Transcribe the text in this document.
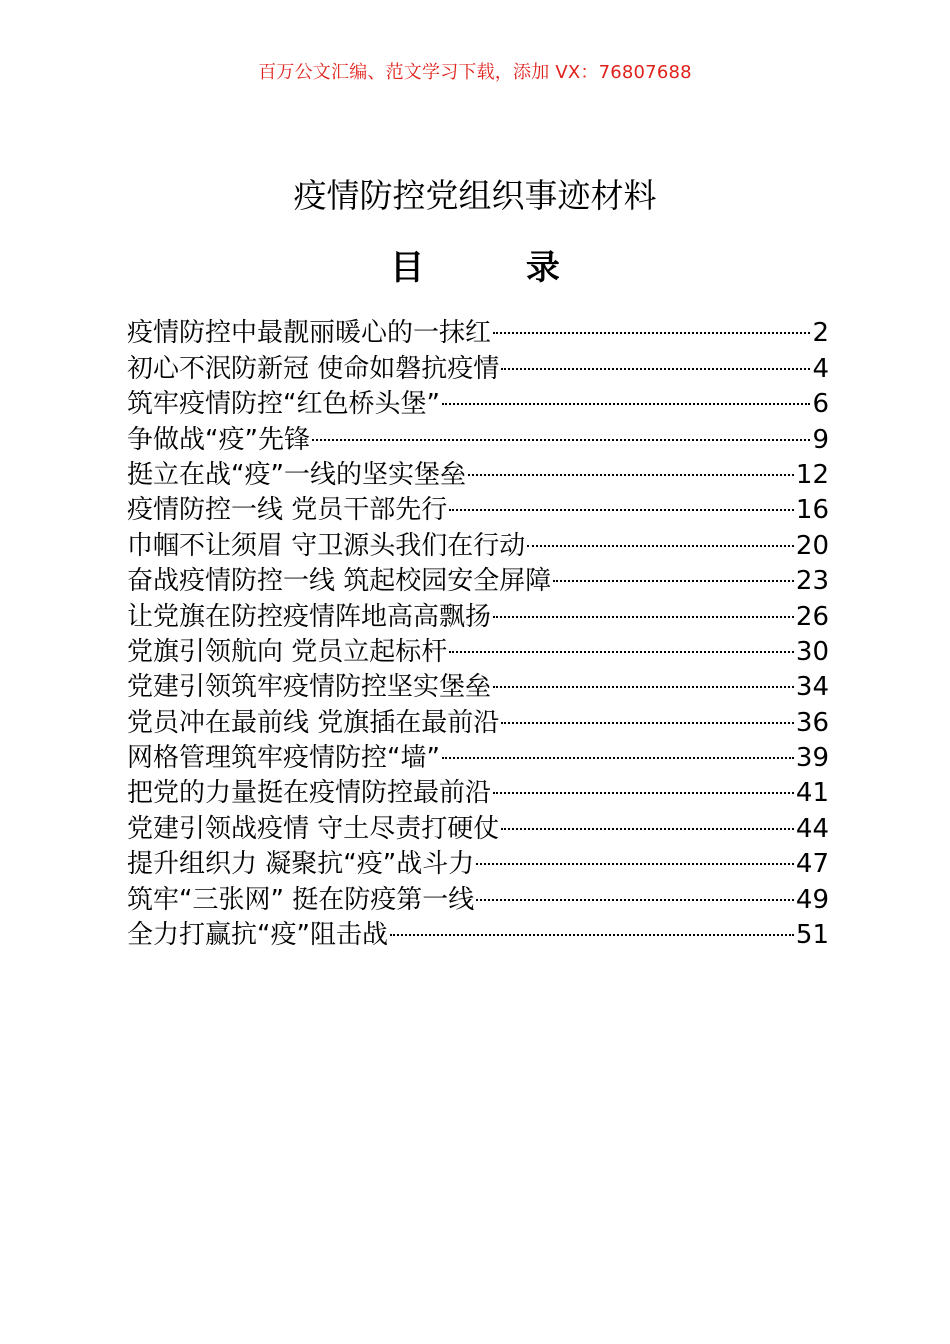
百万公文汇编、范文学习下载，添加 VX：76807688
疫情防控党组织事迹材料
目	录
疫情防控中最靓丽暖心的一抹红	2
初心不泯防新冠 使命如磐抗疫情	4
筑牢疫情防控“红色桥头堡”	6
争做战“疫”先锋	9
挺立在战“疫”一线的坚实堡垒	12
疫情防控一线 党员干部先行	16
巾帼不让须眉 守卫源头我们在行动	20
奋战疫情防控一线 筑起校园安全屏障	23
让党旗在防控疫情阵地高高飘扬	26
党旗引领航向 党员立起标杆	30
党建引领筑牢疫情防控坚实堡垒	34
党员冲在最前线 党旗插在最前沿	36
网格管理筑牢疫情防控“墙”	39
把党的力量挺在疫情防控最前沿	41
党建引领战疫情 守土尽责打硬仗	44
提升组织力 凝聚抗“疫”战斗力	47
筑牢“三张网” 挺在防疫第一线	49
全力打赢抗“疫”阻击战	51
